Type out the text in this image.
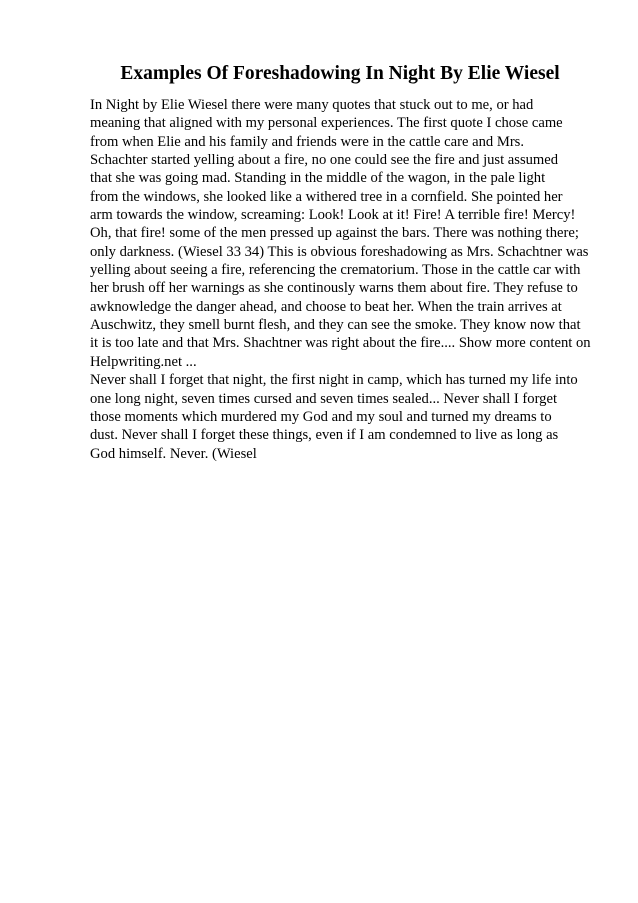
Examples Of Foreshadowing In Night By Elie Wiesel
In Night by Elie Wiesel there were many quotes that stuck out to me, or had
meaning that aligned with my personal experiences. The first quote I chose came
from when Elie and his family and friends were in the cattle care and Mrs.
Schachter started yelling about a fire, no one could see the fire and just assumed
that she was going mad. Standing in the middle of the wagon, in the pale light
from the windows, she looked like a withered tree in a cornfield. She pointed her
arm towards the window, screaming: Look! Look at it! Fire! A terrible fire! Mercy!
Oh, that fire! some of the men pressed up against the bars. There was nothing there;
only darkness. (Wiesel 33 34) This is obvious foreshadowing as Mrs. Schachtner was
yelling about seeing a fire, referencing the crematorium. Those in the cattle car with
her brush off her warnings as she continously warns them about fire. They refuse to
awknowledge the danger ahead, and choose to beat her. When the train arrives at
Auschwitz, they smell burnt flesh, and they can see the smoke. They know now that
it is too late and that Mrs. Shachtner was right about the fire.... Show more content on
Helpwriting.net ...
Never shall I forget that night, the first night in camp, which has turned my life into
one long night, seven times cursed and seven times sealed... Never shall I forget
those moments which murdered my God and my soul and turned my dreams to
dust. Never shall I forget these things, even if I am condemned to live as long as
God himself. Never. (Wiesel
